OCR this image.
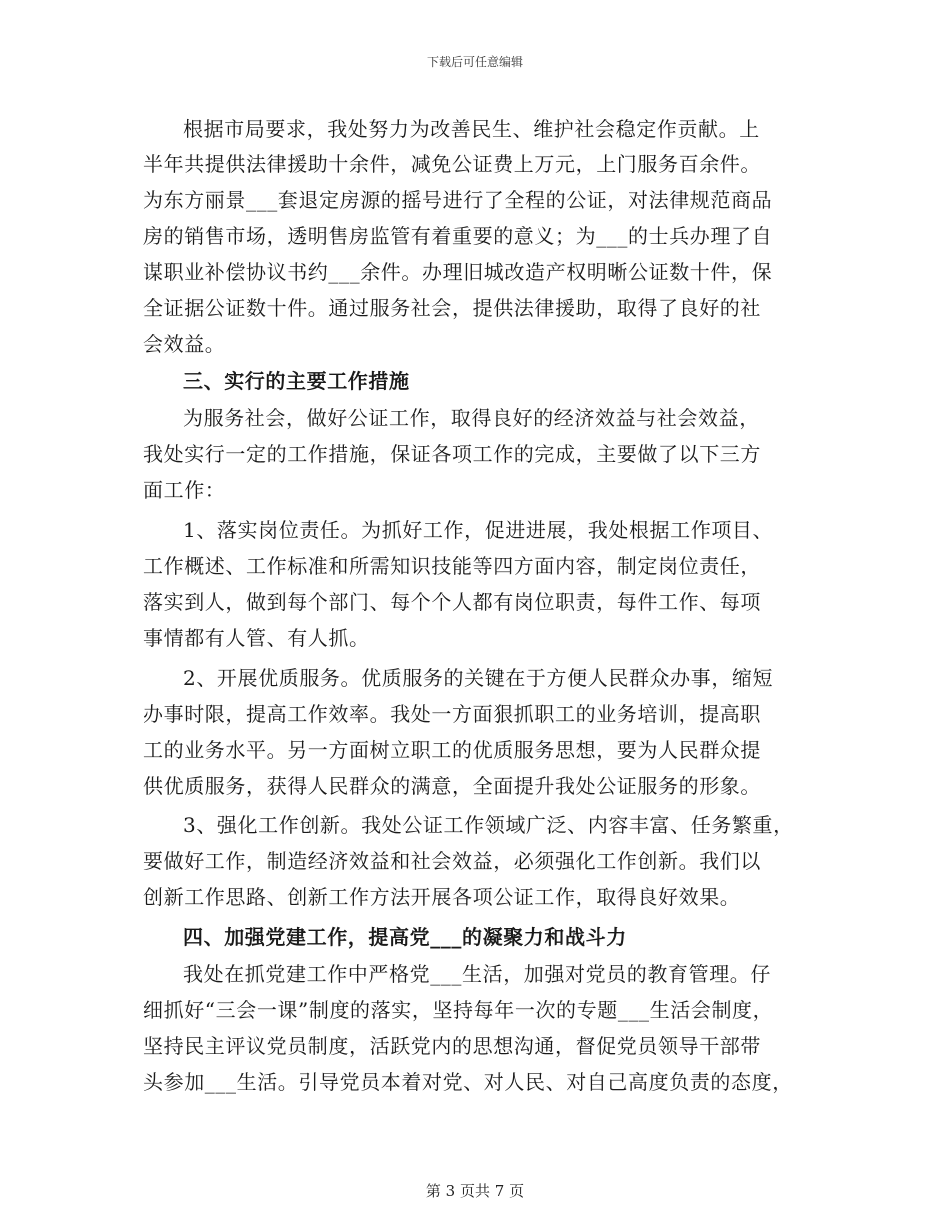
下载后可任意编辑
根据市局要求，我处努力为改善民生、维护社会稳定作贡献。上
半年共提供法律援助十余件，减免公证费上万元，上门服务百余件。
为东方丽景___套退定房源的摇号进行了全程的公证，对法律规范商品
房的销售市场，透明售房监管有着重要的意义；为___的士兵办理了自
谋职业补偿协议书约___余件。办理旧城改造产权明晰公证数十件，保
全证据公证数十件。通过服务社会，提供法律援助，取得了良好的社
会效益。
三、实行的主要工作措施
为服务社会，做好公证工作，取得良好的经济效益与社会效益，
我处实行一定的工作措施，保证各项工作的完成，主要做了以下三方
面工作：
1、落实岗位责任。为抓好工作，促进进展，我处根据工作项目、
工作概述、工作标准和所需知识技能等四方面内容，制定岗位责任，
落实到人，做到每个部门、每个个人都有岗位职责，每件工作、每项
事情都有人管、有人抓。
2、开展优质服务。优质服务的关键在于方便人民群众办事，缩短
办事时限，提高工作效率。我处一方面狠抓职工的业务培训，提高职
工的业务水平。另一方面树立职工的优质服务思想，要为人民群众提
供优质服务，获得人民群众的满意，全面提升我处公证服务的形象。
3、强化工作创新。我处公证工作领域广泛、内容丰富、任务繁重，
要做好工作，制造经济效益和社会效益，必须强化工作创新。我们以
创新工作思路、创新工作方法开展各项公证工作，取得良好效果。
四、加强党建工作，提高党___的凝聚力和战斗力
我处在抓党建工作中严格党___生活，加强对党员的教育管理。仔
细抓好“三会一课”制度的落实，坚持每年一次的专题___生活会制度，
坚持民主评议党员制度，活跃党内的思想沟通，督促党员领导干部带
头参加___生活。引导党员本着对党、对人民、对自己高度负责的态度，
第 3 页共 7 页
